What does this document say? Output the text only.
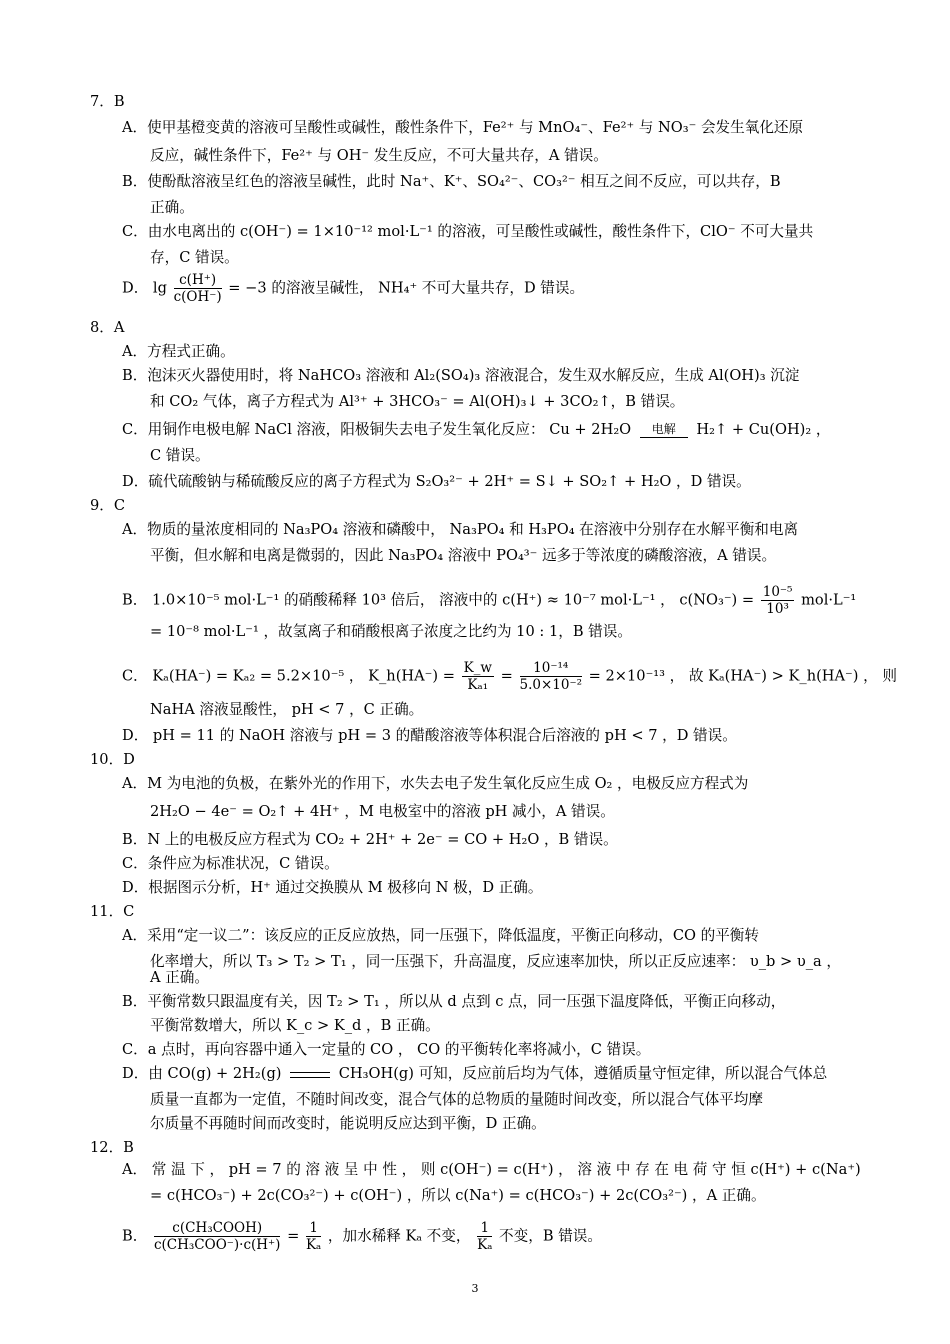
7．B
A．使甲基橙变黄的溶液可呈酸性或碱性，酸性条件下，Fe²⁺ 与 MnO₄⁻、Fe²⁺ 与 NO₃⁻ 会发生氧化还原
反应，碱性条件下，Fe²⁺ 与 OH⁻ 发生反应，不可大量共存，A 错误。
B．使酚酞溶液呈红色的溶液呈碱性，此时 Na⁺、K⁺、SO₄²⁻、CO₃²⁻ 相互之间不反应，可以共存，B
正确。
C．由水电离出的 c(OH⁻) = 1×10⁻¹² mol·L⁻¹ 的溶液，可呈酸性或碱性，酸性条件下，ClO⁻ 不可大量共
存，C 错误。
D． $\lg \frac{c(H^+)}{c(OH^-)} = -3$ 的溶液呈碱性， NH₄⁺ 不可大量共存，D 错误。
8．A
A．方程式正确。
B．泡沫灭火器使用时，将 NaHCO₃ 溶液和 Al₂(SO₄)₃ 溶液混合，发生双水解反应，生成 Al(OH)₃ 沉淀
和 CO₂ 气体，离子方程式为 Al³⁺ + 3HCO₃⁻ = Al(OH)₃↓ + 3CO₂↑，B 错误。
C．用铜作电极电解 NaCl 溶液，阳极铜失去电子发生氧化反应： Cu + 2H₂O	电解	H₂↑ + Cu(OH)₂ ，
C 错误。
D．硫代硫酸钠与稀硫酸反应的离子方程式为 S₂O₃²⁻ + 2H⁺ = S↓ + SO₂↑ + H₂O ，D 错误。
9．C
A．物质的量浓度相同的 Na₃PO₄ 溶液和磷酸中， Na₃PO₄ 和 H₃PO₄ 在溶液中分别存在水解平衡和电离
平衡，但水解和电离是微弱的，因此 Na₃PO₄ 溶液中 PO₄³⁻ 远多于等浓度的磷酸溶液，A 错误。
B． 1.0×10⁻⁵ mol·L⁻¹ 的硝酸稀释 10³ 倍后， 溶液中的 c(H⁺) ≈ 10⁻⁷ mol·L⁻¹ ， $c(NO_3^-) = \frac{\text{10⁻⁵}}{\text{10³}} mol\cdot L^{-1}$
= 10⁻⁸ mol·L⁻¹ ，故氢离子和硝酸根离子浓度之比约为 10 : 1，B 错误。
C． Kₐ(HA⁻) = Kₐ₂ = 5.2×10⁻⁵ ， K_h(HA⁻) = $\frac{K\_w}{\text{Kₐ₁}} = \frac{\text{10⁻¹⁴}}{\text{5.0×10⁻²}} = 2\times 10^{-13}$ ， 故 Kₐ(HA⁻) > K_h(HA⁻) ， 则
NaHA 溶液显酸性， pH < 7 ，C 正确。
D． pH = 11 的 NaOH 溶液与 pH = 3 的醋酸溶液等体积混合后溶液的 pH < 7 ，D 错误。
10．D
A．M 为电池的负极，在紫外光的作用下，水失去电子发生氧化反应生成 O₂ ，电极反应方程式为
2H₂O − 4e⁻ = O₂↑ + 4H⁺ ，M 电极室中的溶液 pH 减小，A 错误。
B．N 上的电极反应方程式为 CO₂ + 2H⁺ + 2e⁻ = CO + H₂O ，B 错误。
C．条件应为标准状况，C 错误。
D．根据图示分析，H⁺ 通过交换膜从 M 极移向 N 极，D 正确。
11．C
A．采用“定一议二”：该反应的正反应放热，同一压强下，降低温度，平衡正向移动，CO 的平衡转
化率增大，所以 T₃ > T₂ > T₁ ，同一压强下，升高温度，反应速率加快，所以正反应速率： υ_b > υ_a ，
A 正确。
B．平衡常数只跟温度有关，因 T₂ > T₁ ，所以从 d 点到 c 点，同一压强下温度降低，平衡正向移动，
平衡常数增大，所以 K_c > K_d ，B 正确。
C．a 点时，再向容器中通入一定量的 CO ， CO 的平衡转化率将减小，C 错误。
D．由 CO(g) + 2H₂(g)	CH₃OH(g) 可知，反应前后均为气体，遵循质量守恒定律，所以混合气体总
质量一直都为一定值，不随时间改变，混合气体的总物质的量随时间改变，所以混合气体平均摩
尔质量不再随时间而改变时，能说明反应达到平衡，D 正确。
12．B
A． 常 温 下 ， pH = 7 的 溶 液 呈 中 性 ， 则 c(OH⁻) = c(H⁺) ， 溶 液 中 存 在 电 荷 守 恒 c(H⁺) + c(Na⁺)
= c(HCO₃⁻) + 2c(CO₃²⁻) + c(OH⁻) ，所以 c(Na⁺) = c(HCO₃⁻) + 2c(CO₃²⁻) ，A 正确。
B．	c(CH₃COOH)
c(CH₃COO⁻)·c(H⁺)
= $\frac{1}{\text{Kₐ}}$ ，加水稀释 Kₐ 不变， $\frac{1}{\text{Kₐ}}$ 不变，B 错误。
3
